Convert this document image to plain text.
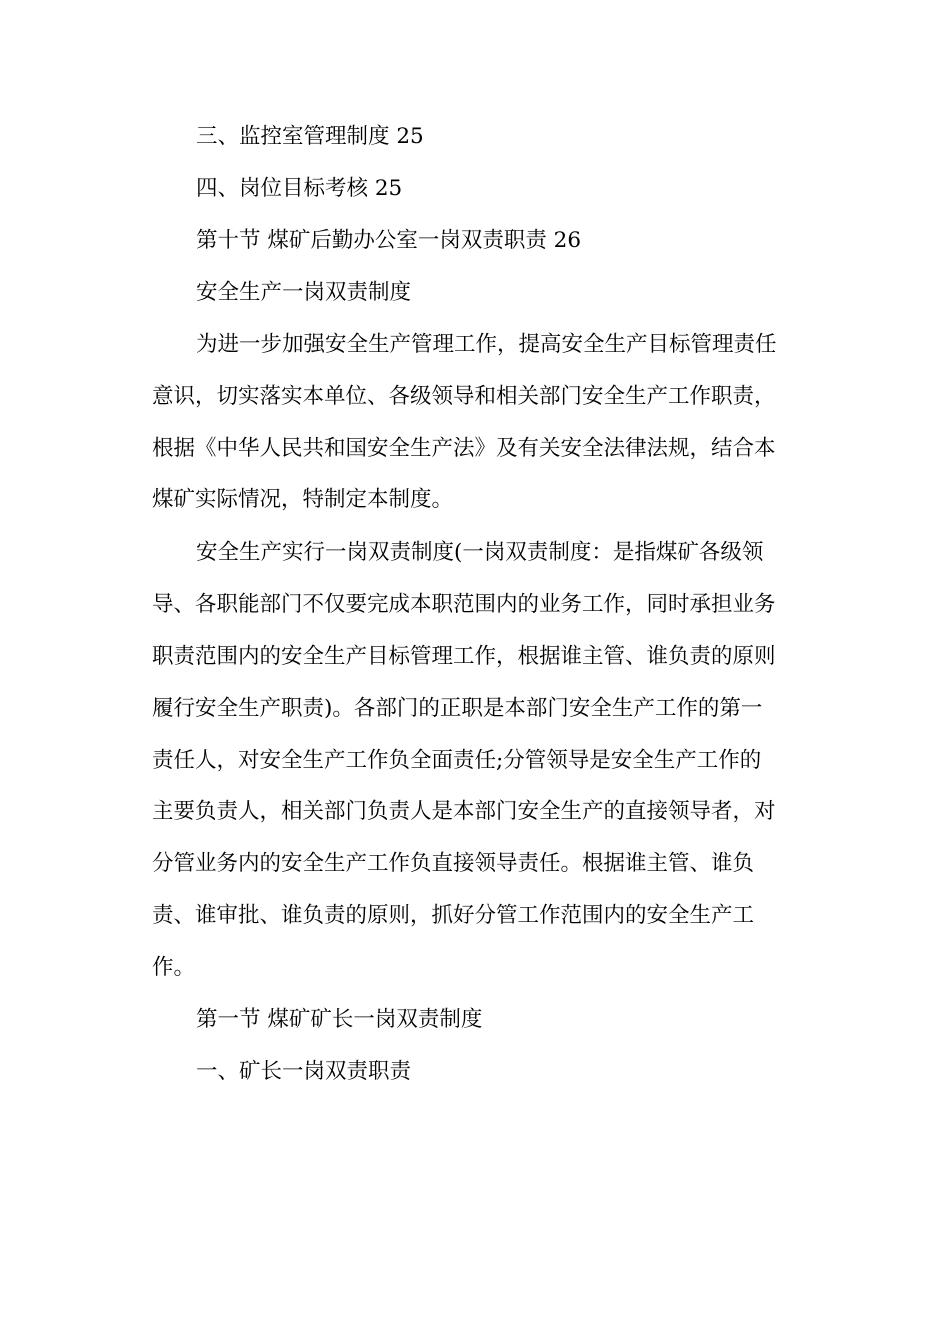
三、监控室管理制度 25

四、岗位目标考核 25

第十节 煤矿后勤办公室一岗双责职责 26

安全生产一岗双责制度

为进一步加强安全生产管理工作，提高安全生产目标管理责任

意识，切实落实本单位、各级领导和相关部门安全生产工作职责，

根据《中华人民共和国安全生产法》及有关安全法律法规，结合本

煤矿实际情况，特制定本制度。

安全生产实行一岗双责制度(一岗双责制度：是指煤矿各级领

导、各职能部门不仅要完成本职范围内的业务工作，同时承担业务

职责范围内的安全生产目标管理工作，根据谁主管、谁负责的原则

履行安全生产职责)。各部门的正职是本部门安全生产工作的第一

责任人，对安全生产工作负全面责任;分管领导是安全生产工作的

主要负责人，相关部门负责人是本部门安全生产的直接领导者，对

分管业务内的安全生产工作负直接领导责任。根据谁主管、谁负

责、谁审批、谁负责的原则，抓好分管工作范围内的安全生产工

作。

第一节 煤矿矿长一岗双责制度

一、矿长一岗双责职责
